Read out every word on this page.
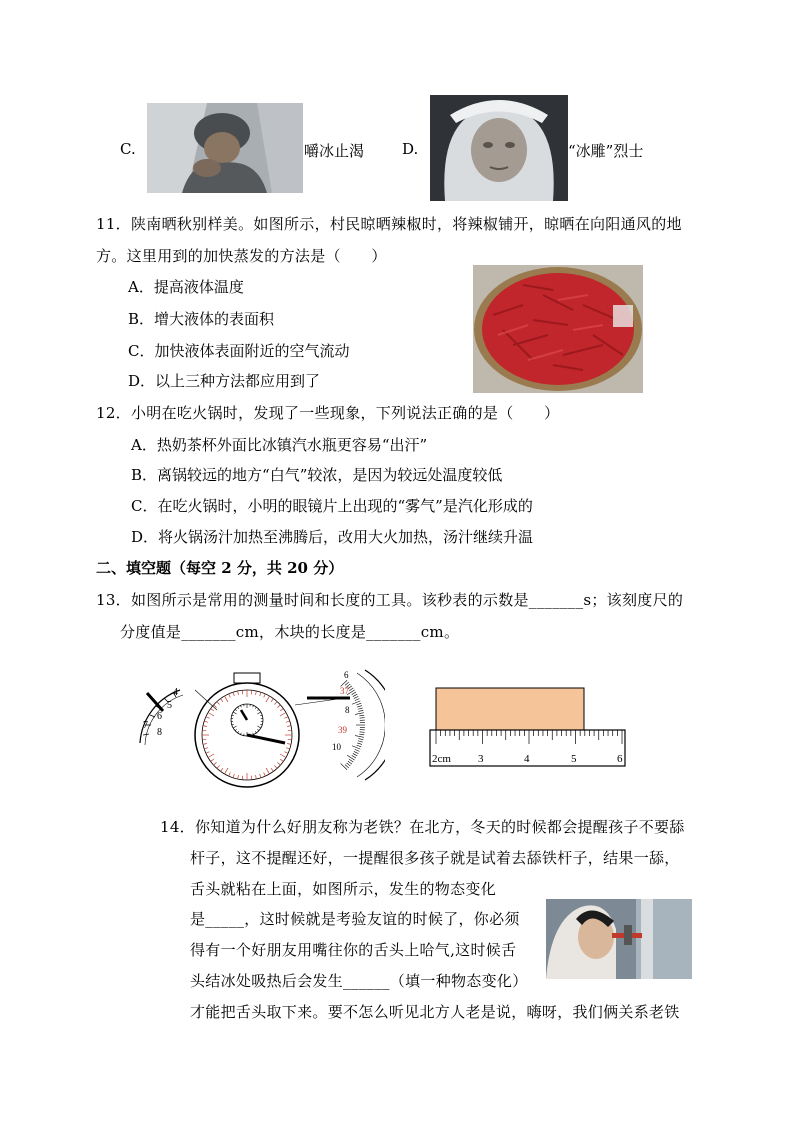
C.	嚼冰止渴	D.	“冰雕”烈士
11．陕南晒秋别样美。如图所示，村民晾晒辣椒时，将辣椒铺开，晾晒在向阳通风的地
方。这里用到的加快蒸发的方法是（　　）
A．提高液体温度
B．增大液体的表面积
C．加快液体表面附近的空气流动
D．以上三种方法都应用到了
12．小明在吃火锅时，发现了一些现象，下列说法正确的是（　　）
A．热奶茶杯外面比冰镇汽水瓶更容易“出汗”
B．离锅较远的地方“白气”较浓，是因为较远处温度较低
C．在吃火锅时，小明的眼镜片上出现的“雾气”是汽化形成的
D．将火锅汤汁加热至沸腾后，改用大火加热，汤汁继续升温
二、填空题（每空 2 分，共 20 分）
13．如图所示是常用的测量时间和长度的工具。该秒表的示数是_______s；该刻度尺的
分度值是_______cm，木块的长度是_______cm。
4
5
6
7
8
6
37
8
39
10
2cm 3	4	5	6
14．你知道为什么好朋友称为老铁？在北方，冬天的时候都会提醒孩子不要舔
杆子，这不提醒还好，一提醒很多孩子就是试着去舔铁杆子，结果一舔，
舌头就粘在上面，如图所示，发生的物态变化
是_____，这时候就是考验友谊的时候了，你必须
得有一个好朋友用嘴往你的舌头上哈气,这时候舌
头结冰处吸热后会发生______（填一种物态变化）
才能把舌头取下来。要不怎么听见北方人老是说，嗨呀，我们俩关系老铁
